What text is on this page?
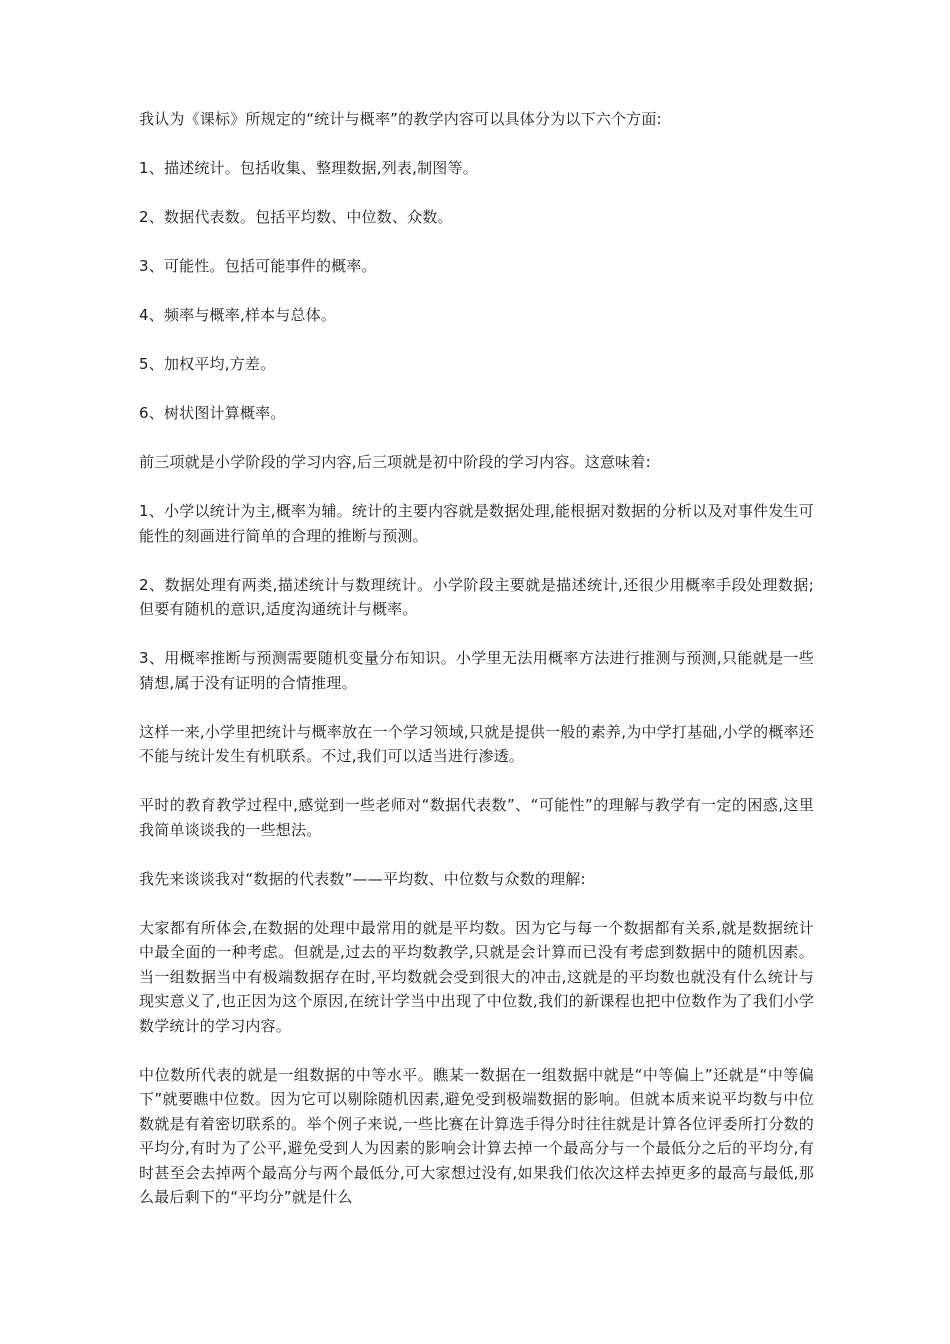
我认为《课标》所规定的“统计与概率”的教学内容可以具体分为以下六个方面:

1、描述统计。包括收集、整理数据,列表,制图等。

2、数据代表数。包括平均数、中位数、众数。

3、可能性。包括可能事件的概率。

4、频率与概率,样本与总体。

5、加权平均,方差。

6、树状图计算概率。

前三项就是小学阶段的学习内容,后三项就是初中阶段的学习内容。这意味着:

1、小学以统计为主,概率为辅。统计的主要内容就是数据处理,能根据对数据的分析以及对事件发生可能性的刻画进行简单的合理的推断与预测。

2、数据处理有两类,描述统计与数理统计。小学阶段主要就是描述统计,还很少用概率手段处理数据;但要有随机的意识,适度沟通统计与概率。

3、用概率推断与预测需要随机变量分布知识。小学里无法用概率方法进行推测与预测,只能就是一些猜想,属于没有证明的合情推理。

这样一来,小学里把统计与概率放在一个学习领域,只就是提供一般的素养,为中学打基础,小学的概率还不能与统计发生有机联系。不过,我们可以适当进行渗透。

平时的教育教学过程中,感觉到一些老师对“数据代表数”、“可能性”的理解与教学有一定的困惑,这里我简单谈谈我的一些想法。

我先来谈谈我对“数据的代表数”——平均数、中位数与众数的理解:

大家都有所体会,在数据的处理中最常用的就是平均数。因为它与每一个数据都有关系,就是数据统计中最全面的一种考虑。但就是,过去的平均数教学,只就是会计算而已没有考虑到数据中的随机因素。当一组数据当中有极端数据存在时,平均数就会受到很大的冲击,这就是的平均数也就没有什么统计与现实意义了,也正因为这个原因,在统计学当中出现了中位数,我们的新课程也把中位数作为了我们小学数学统计的学习内容。

中位数所代表的就是一组数据的中等水平。瞧某一数据在一组数据中就是“中等偏上”还就是“中等偏下”就要瞧中位数。因为它可以剔除随机因素,避免受到极端数据的影响。但就本质来说平均数与中位数就是有着密切联系的。举个例子来说,一些比赛在计算选手得分时往往就是计算各位评委所打分数的平均分,有时为了公平,避免受到人为因素的影响会计算去掉一个最高分与一个最低分之后的平均分,有时甚至会去掉两个最高分与两个最低分,可大家想过没有,如果我们依次这样去掉更多的最高与最低,那么最后剩下的“平均分”就是什么
